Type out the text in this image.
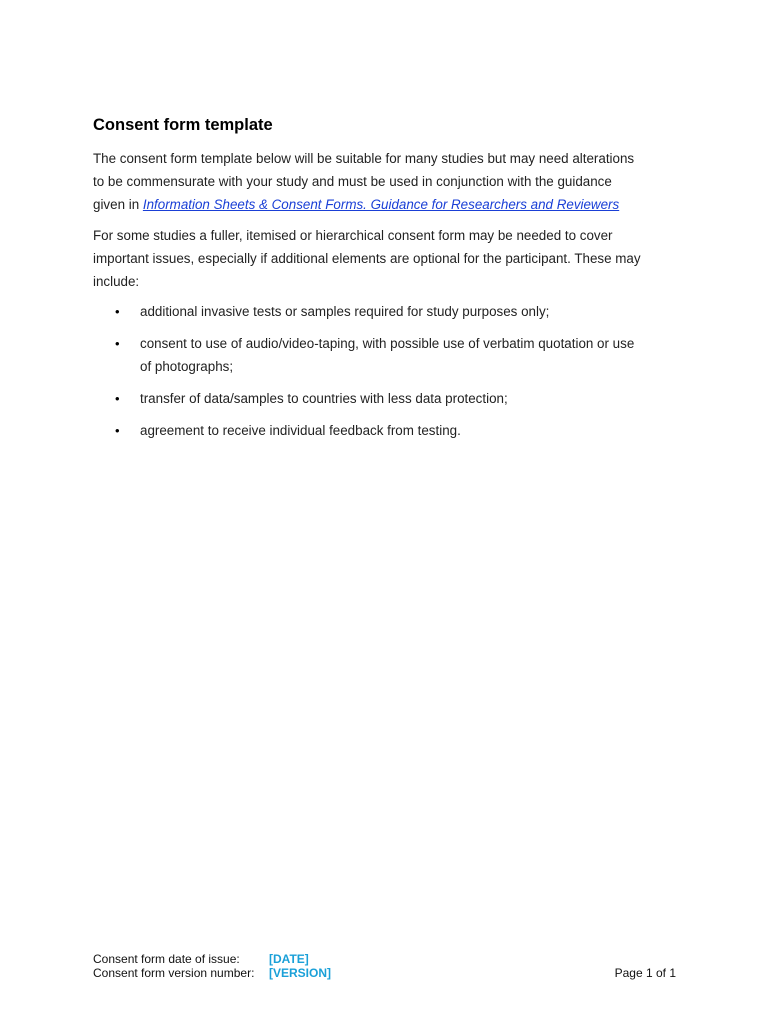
Consent form template

The consent form template below will be suitable for many studies but may need alterations
to be commensurate with your study and must be used in conjunction with the guidance
given in Information Sheets & Consent Forms. Guidance for Researchers and Reviewers

For some studies a fuller, itemised or hierarchical consent form may be needed to cover
important issues, especially if additional elements are optional for the participant. These may
include:

• additional invasive tests or samples required for study purposes only;
• consent to use of audio/video-taping, with possible use of verbatim quotation or use
of photographs;
• transfer of data/samples to countries with less data protection;
• agreement to receive individual feedback from testing.
Consent form date of issue: [DATE]
Consent form version number: [VERSION]	Page 1 of 1
